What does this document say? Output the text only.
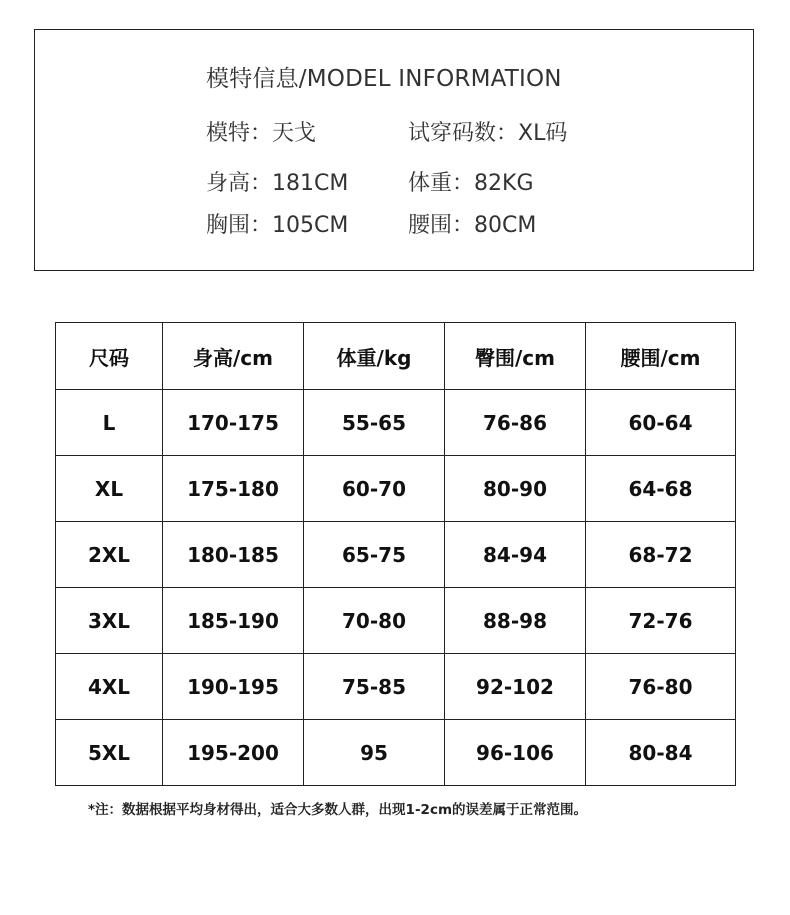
模特信息/MODEL INFORMATION
模特：天戈	试穿码数：XL码
身高：181CM	体重：82KG
胸围：105CM	腰围：80CM
尺码	身高/cm	体重/kg	臀围/cm	腰围/cm
L	170-175	55-65	76-86	60-64
XL	175-180	60-70	80-90	64-68
2XL	180-185	65-75	84-94	68-72
3XL	185-190	70-80	88-98	72-76
4XL	190-195	75-85	92-102	76-80
5XL	195-200	95	96-106	80-84
*注：数据根据平均身材得出，适合大多数人群，出现1-2cm的误差属于正常范围。
